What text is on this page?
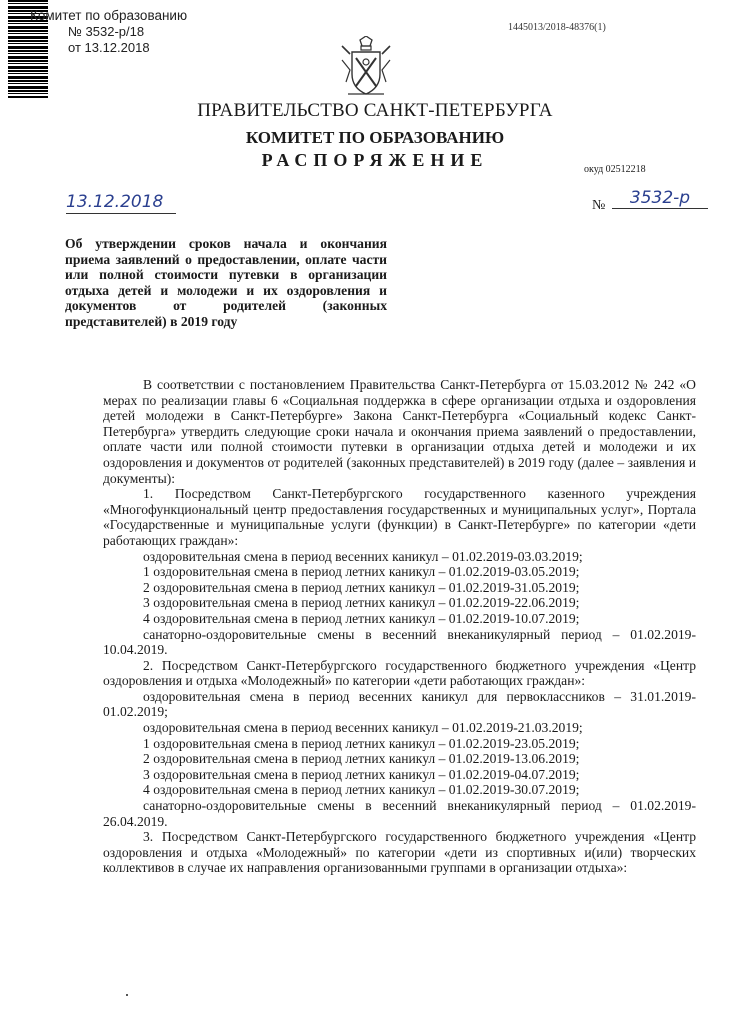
Комитет по образованию
№ 3532-р/18
от 13.12.2018
1445013/2018-48376(1)
ПРАВИТЕЛЬСТВО САНКТ-ПЕТЕРБУРГА
КОМИТЕТ ПО ОБРАЗОВАНИЮ
РАСПОРЯЖЕНИЕ	окуд 02512218
13.12.2018	№	3532-р
Об утверждении сроков начала и окончания приема заявлений о предоставлении, оплате части или полной стоимости путевки в организации отдыха детей и молодежи и их оздоровления и документов от родителей (законных представителей) в 2019 году

В соответствии с постановлением Правительства Санкт-Петербурга от 15.03.2012 № 242 «О мерах по реализации главы 6 «Социальная поддержка в сфере организации отдыха и оздоровления детей молодежи в Санкт-Петербурге» Закона Санкт-Петербурга «Социальный кодекс Санкт-Петербурга» утвердить следующие сроки начала и окончания приема заявлений о предоставлении, оплате части или полной стоимости путевки в организации отдыха детей и молодежи и их оздоровления и документов от родителей (законных представителей) в 2019 году (далее – заявления и документы):

1. Посредством Санкт-Петербургского государственного казенного учреждения «Многофункциональный центр предоставления государственных и муниципальных услуг», Портала «Государственные и муниципальные услуги (функции) в Санкт-Петербурге» по категории «дети работающих граждан»:

оздоровительная смена в период весенних каникул – 01.02.2019-03.03.2019;

1 оздоровительная смена в период летних каникул – 01.02.2019-03.05.2019;

2 оздоровительная смена в период летних каникул – 01.02.2019-31.05.2019;

3 оздоровительная смена в период летних каникул – 01.02.2019-22.06.2019;

4 оздоровительная смена в период летних каникул – 01.02.2019-10.07.2019;

санаторно-оздоровительные смены в весенний внеканикулярный период – 01.02.2019-10.04.2019.

2. Посредством Санкт-Петербургского государственного бюджетного учреждения «Центр оздоровления и отдыха «Молодежный» по категории «дети работающих граждан»:

оздоровительная смена в период весенних каникул для первоклассников – 31.01.2019-01.02.2019;

оздоровительная смена в период весенних каникул – 01.02.2019-21.03.2019;

1 оздоровительная смена в период летних каникул – 01.02.2019-23.05.2019;

2 оздоровительная смена в период летних каникул – 01.02.2019-13.06.2019;

3 оздоровительная смена в период летних каникул – 01.02.2019-04.07.2019;

4 оздоровительная смена в период летних каникул – 01.02.2019-30.07.2019;

санаторно-оздоровительные смены в весенний внеканикулярный период – 01.02.2019-26.04.2019.

3. Посредством Санкт-Петербургского государственного бюджетного учреждения «Центр оздоровления и отдыха «Молодежный» по категории «дети из спортивных и(или) творческих коллективов в случае их направления организованными группами в организации отдыха»:
